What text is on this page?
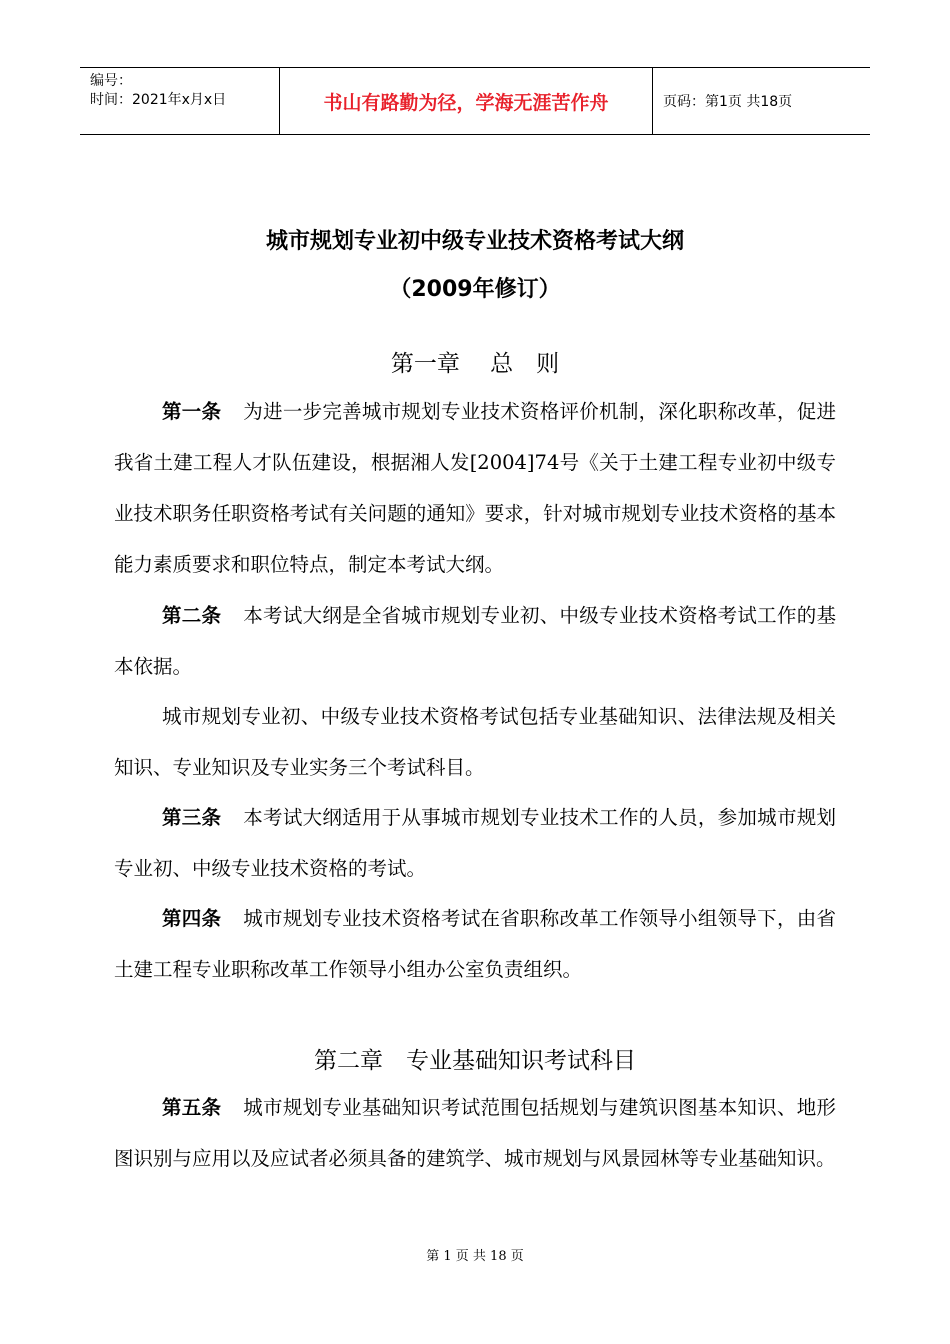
编号：
时间：2021年x月x日	书山有路勤为径，学海无涯苦作舟	页码：第1页 共18页
城市规划专业初中级专业技术资格考试大纲
（2009年修订）
第一章　 总　则
第一条 为进一步完善城市规划专业技术资格评价机制，深化职称改革，促进我省土建工程人才队伍建设，根据湘人发[2004]74号《关于土建工程专业初中级专业技术职务任职资格考试有关问题的通知》要求，针对城市规划专业技术资格的基本能力素质要求和职位特点，制定本考试大纲。
第二条 本考试大纲是全省城市规划专业初、中级专业技术资格考试工作的基本依据。
城市规划专业初、中级专业技术资格考试包括专业基础知识、法律法规及相关知识、专业知识及专业实务三个考试科目。
第三条 本考试大纲适用于从事城市规划专业技术工作的人员，参加城市规划专业初、中级专业技术资格的考试。
第四条 城市规划专业技术资格考试在省职称改革工作领导小组领导下，由省土建工程专业职称改革工作领导小组办公室负责组织。
第二章　专业基础知识考试科目
第五条 城市规划专业基础知识考试范围包括规划与建筑识图基本知识、地形图识别与应用以及应试者必须具备的建筑学、城市规划与风景园林等专业基础知识。
第 1 页 共 18 页
